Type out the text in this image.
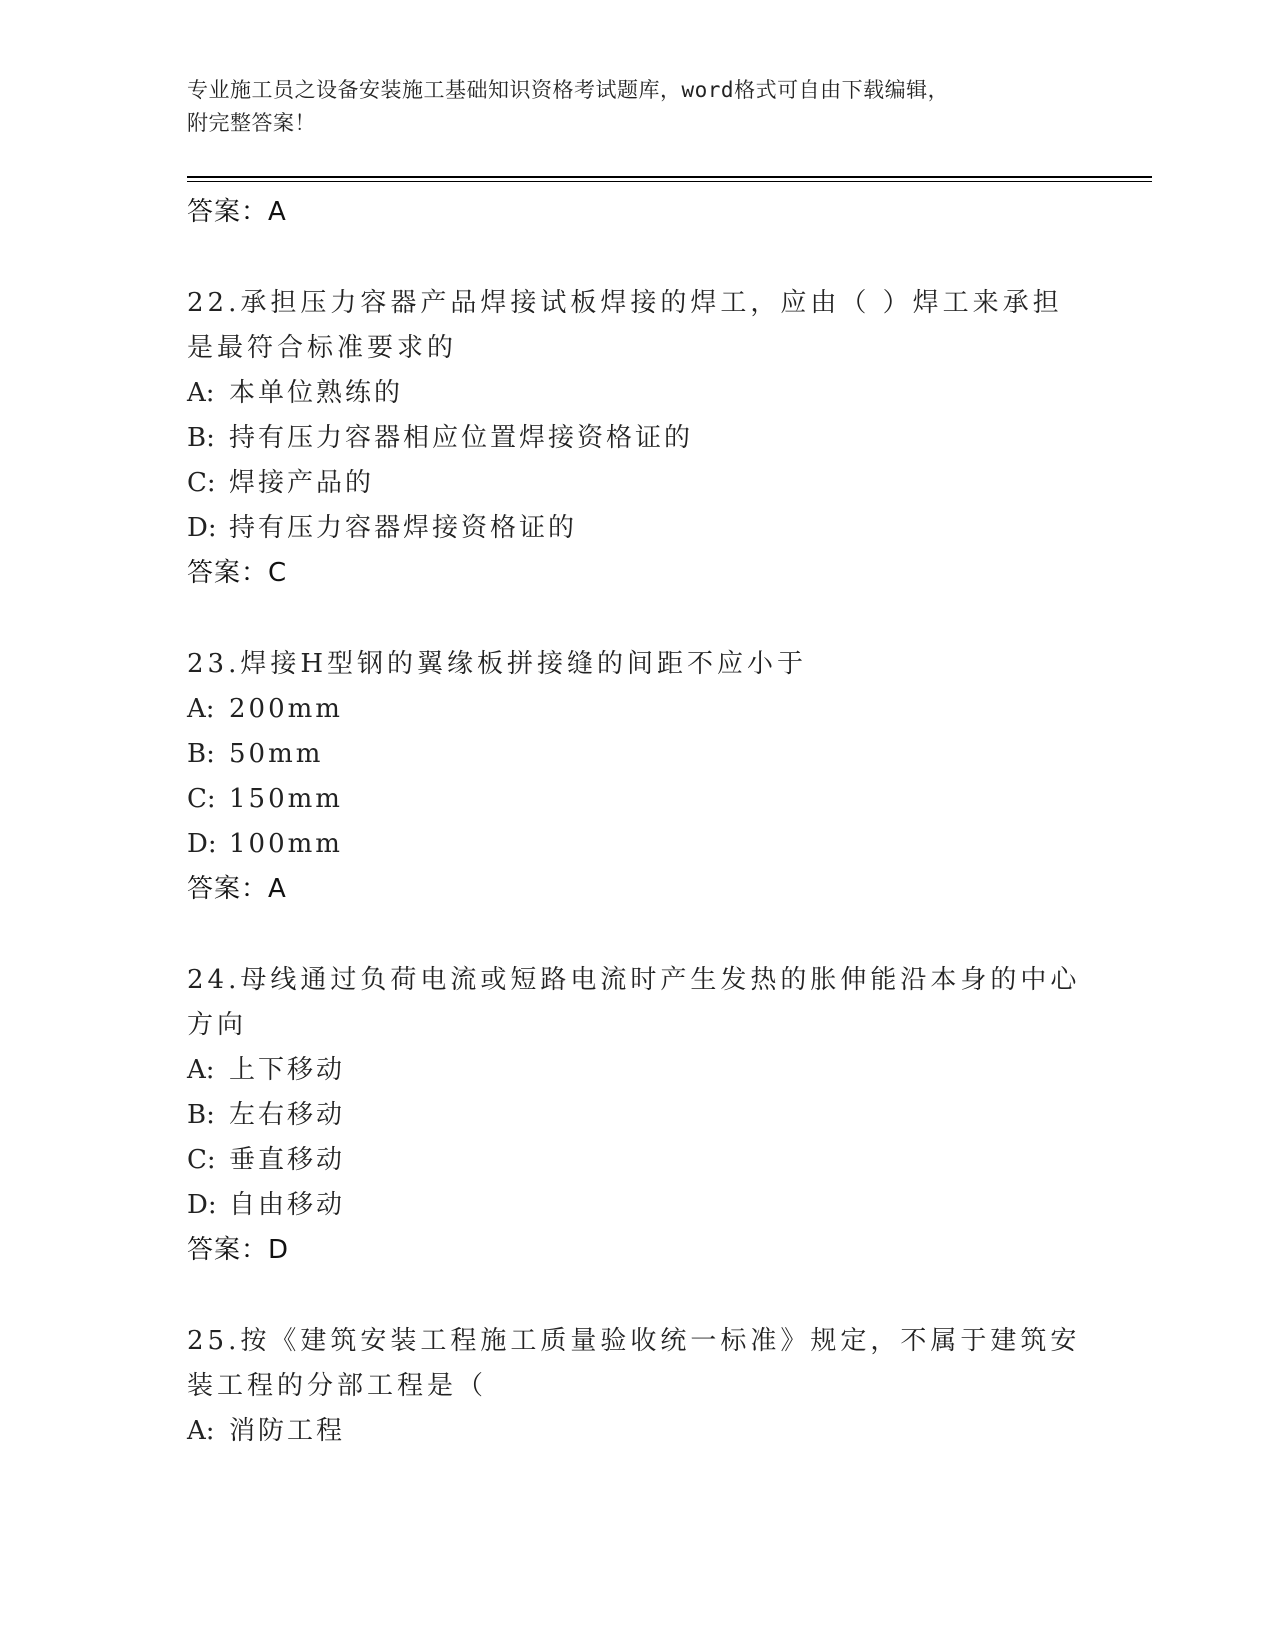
专业施工员之设备安装施工基础知识资格考试题库，word格式可自由下载编辑，
附完整答案！
答案：A
22.承担压力容器产品焊接试板焊接的焊工，应由（ ）焊工来承担是最符合标准要求的
A: 本单位熟练的
B: 持有压力容器相应位置焊接资格证的
C: 焊接产品的
D: 持有压力容器焊接资格证的
答案：C
23.焊接H型钢的翼缘板拼接缝的间距不应小于
A: 200mm
B: 50mm
C: 150mm
D: 100mm
答案：A
24.母线通过负荷电流或短路电流时产生发热的胀伸能沿本身的中心方向
A: 上下移动
B: 左右移动
C: 垂直移动
D: 自由移动
答案：D
25.按《建筑安装工程施工质量验收统一标准》规定，不属于建筑安装工程的分部工程是（
A: 消防工程
